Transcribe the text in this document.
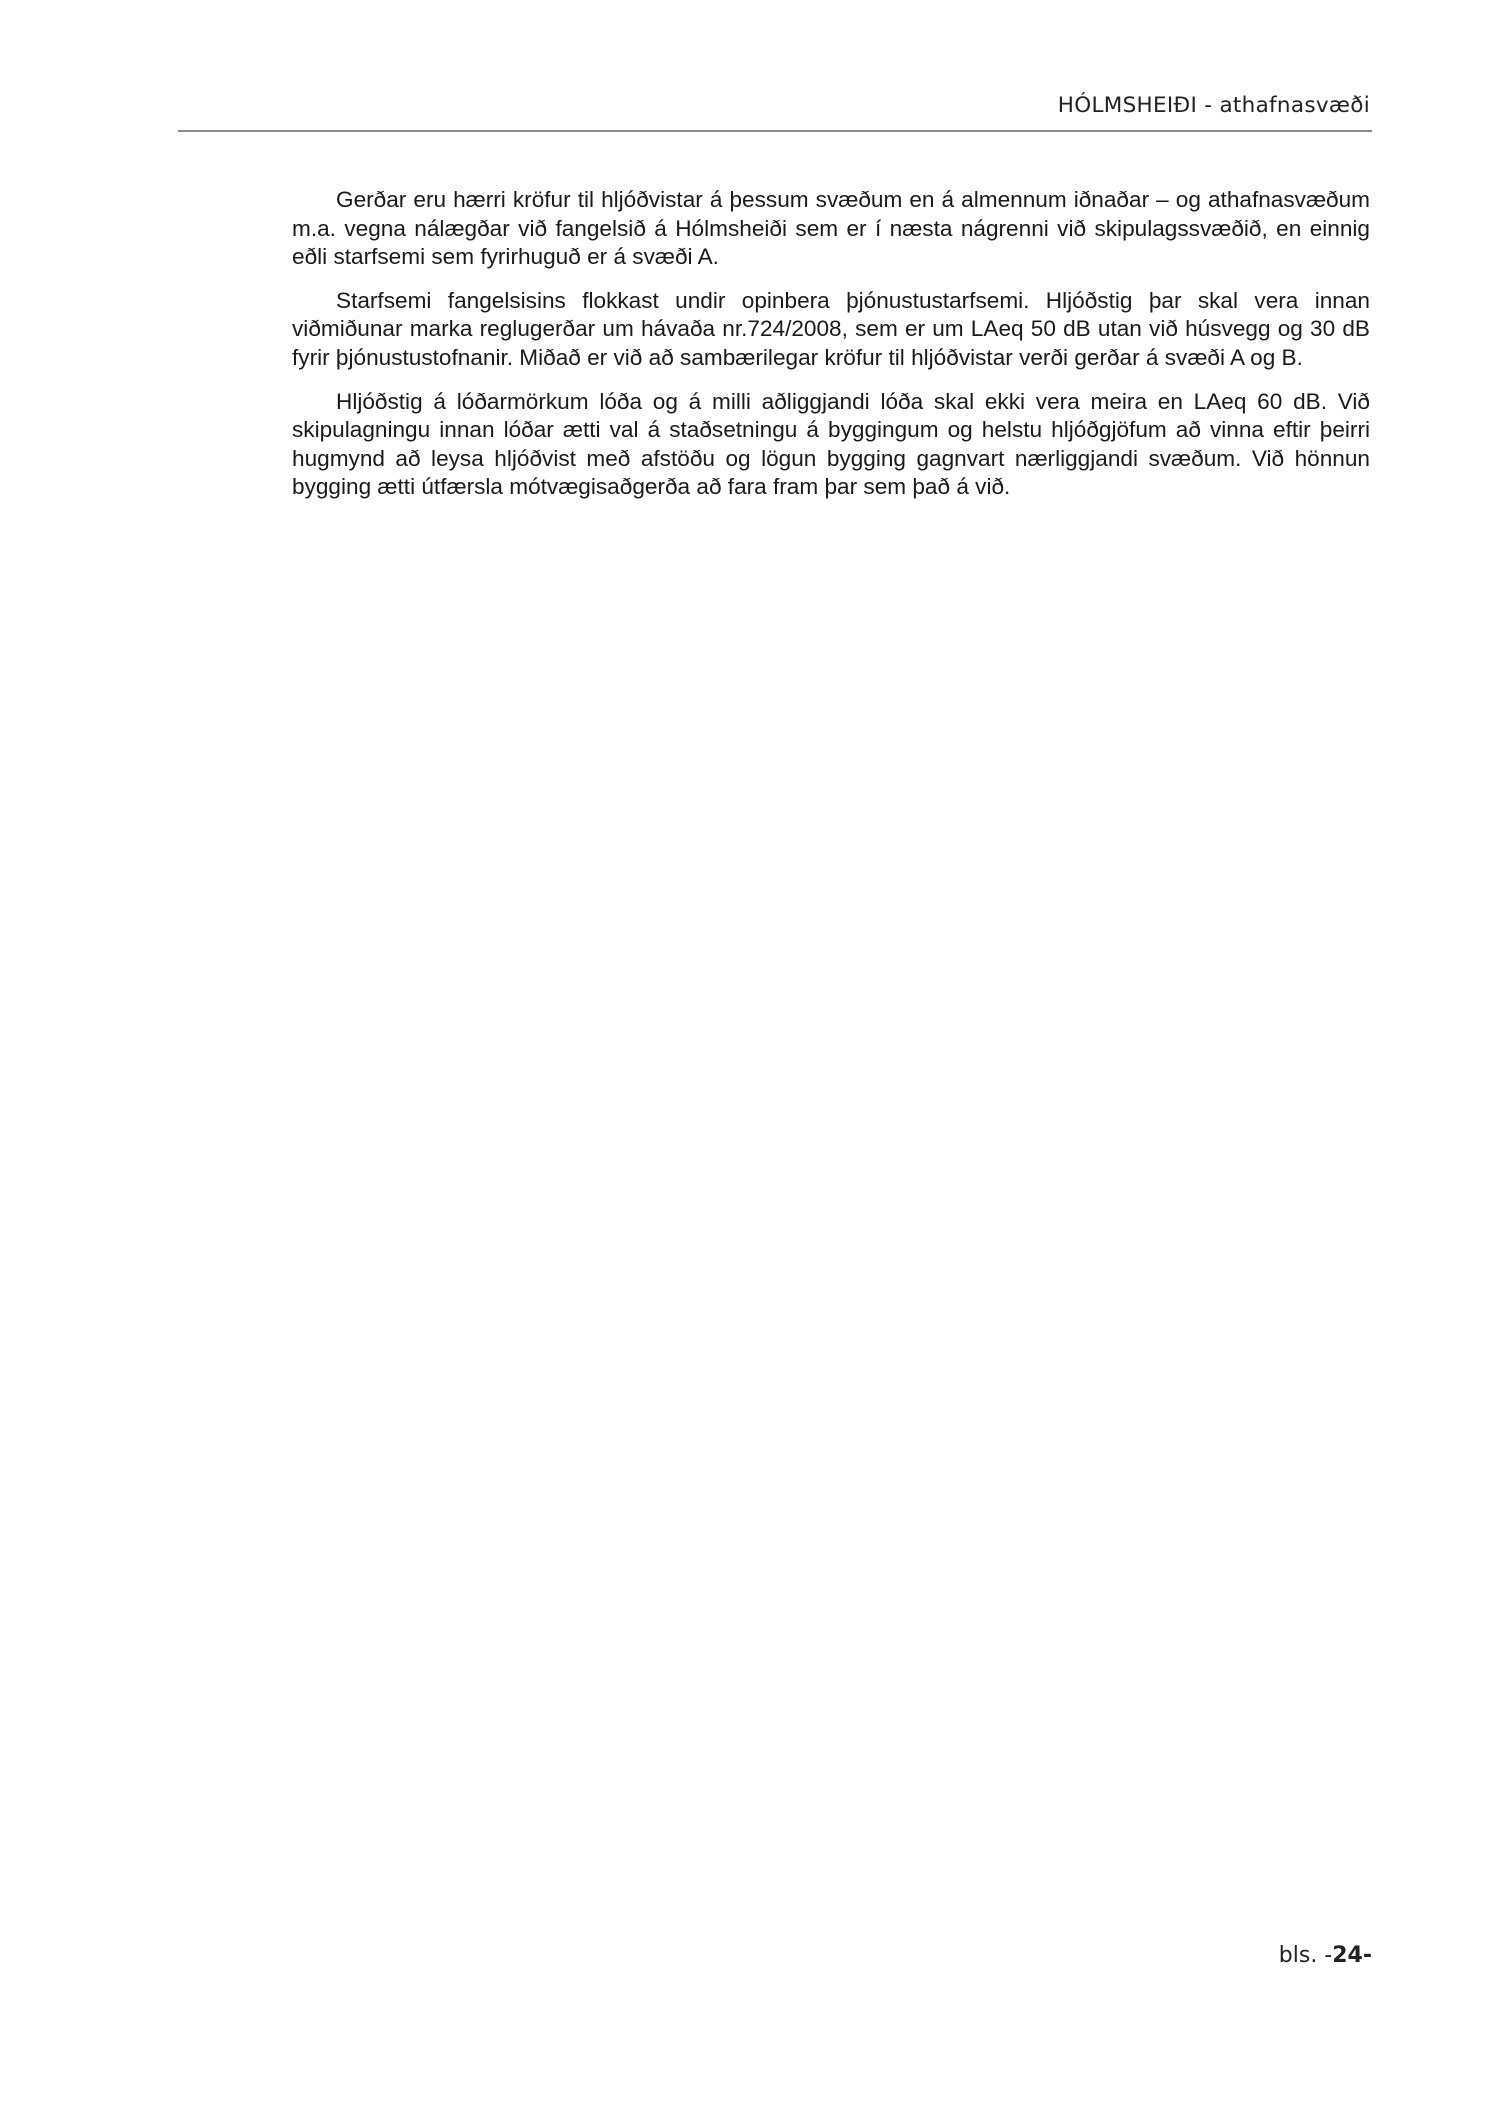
HÓLMSHEIÐI - athafnasvæði

Gerðar eru hærri kröfur til hljóðvistar á þessum svæðum en á almennum iðnaðar – og athafnasvæðum m.a. vegna nálægðar við fangelsið á Hólmsheiði sem er í næsta nágrenni við skipulagssvæðið, en einnig eðli starfsemi sem fyrirhuguð er á svæði A.

Starfsemi fangelsisins flokkast undir opinbera þjónustustarfsemi. Hljóðstig þar skal vera innan viðmiðunar marka reglugerðar um hávaða nr.724/2008, sem er um LAeq 50 dB utan við húsvegg og 30 dB fyrir þjónustustofnanir. Miðað er við að sambærilegar kröfur til hljóðvistar verði gerðar á svæði A og B.

Hljóðstig á lóðarmörkum lóða og á milli aðliggjandi lóða skal ekki vera meira en LAeq 60 dB. Við skipulagningu innan lóðar ætti val á staðsetningu á byggingum og helstu hljóðgjöfum að vinna eftir þeirri hugmynd að leysa hljóðvist með afstöðu og lögun bygging gagnvart nærliggjandi svæðum. Við hönnun bygging ætti útfærsla mótvægisaðgerða að fara fram þar sem það á við.

bls. -24-
